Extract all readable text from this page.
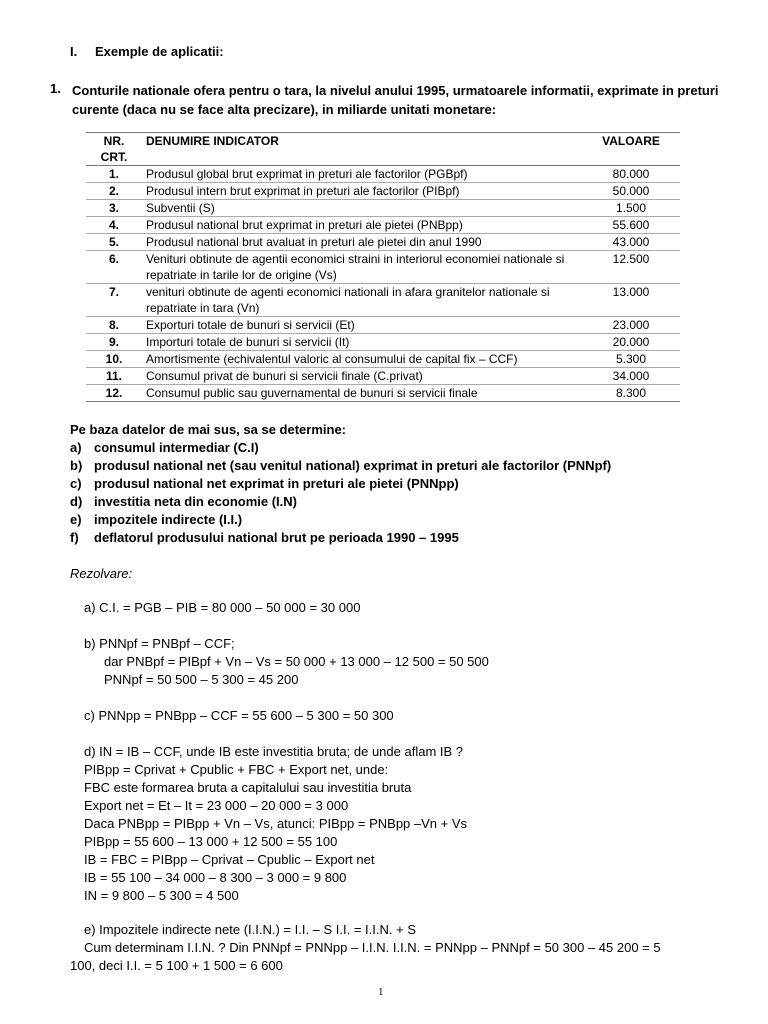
I. Exemple de aplicatii:
1. Conturile nationale ofera pentru o tara, la nivelul anului 1995, urmatoarele informatii, exprimate in preturi curente (daca nu se face alta precizare), in miliarde unitati monetare:
NR. CRT.	DENUMIRE INDICATOR	VALOARE
1.	Produsul global brut exprimat in preturi ale factorilor (PGBpf)	80.000
2.	Produsul intern brut exprimat in preturi ale factorilor (PIBpf)	50.000
3.	Subventii (S)	1.500
4.	Produsul national brut exprimat in preturi ale pietei (PNBpp)	55.600
5.	Produsul national brut avaluat in preturi ale pietei din anul 1990	43.000
6.	Venituri obtinute de agentii economici straini in interiorul economiei nationale si repatriate in tarile lor de origine (Vs)	12.500
7.	venituri obtinute de agenti economici nationali in afara granitelor nationale si repatriate in tara (Vn)	13.000
8.	Exporturi totale de bunuri si servicii (Et)	23.000
9.	Importuri totale de bunuri si servicii (It)	20.000
10.	Amortismente (echivalentul valoric al consumului de capital fix – CCF)	5.300
11.	Consumul privat de bunuri si servicii finale (C.privat)	34.000
12.	Consumul public sau guvernamental de bunuri si servicii finale	8.300
Pe baza datelor de mai sus, sa se determine:
a) consumul intermediar (C.I)
b) produsul national net (sau venitul national) exprimat in preturi ale factorilor (PNNpf)
c) produsul national net exprimat in preturi ale pietei (PNNpp)
d) investitia neta din economie (I.N)
e) impozitele indirecte (I.I.)
f) deflatorul produsului national brut pe perioada 1990 – 1995
Rezolvare:
a) C.I. = PGB – PIB = 80 000 – 50 000 = 30 000
b) PNNpf = PNBpf – CCF;
dar PNBpf = PIBpf + Vn – Vs = 50 000 + 13 000 – 12 500 = 50 500
PNNpf = 50 500 – 5 300 = 45 200
c) PNNpp = PNBpp – CCF = 55 600 – 5 300 = 50 300
d) IN = IB – CCF, unde IB este investitia bruta; de unde aflam IB ?
PIBpp = Cprivat + Cpublic + FBC + Export net, unde:
FBC este formarea bruta a capitalului sau investitia bruta
Export net = Et – It = 23 000 – 20 000 = 3 000
Daca PNBpp = PIBpp + Vn – Vs, atunci: PIBpp = PNBpp –Vn + Vs
PIBpp = 55 600 – 13 000 + 12 500 = 55 100
IB = FBC = PIBpp – Cprivat – Cpublic – Export net
IB = 55 100 – 34 000 – 8 300 – 3 000 = 9 800
IN = 9 800 – 5 300 = 4 500
e) Impozitele indirecte nete (I.I.N.) = I.I. – S I.I. = I.I.N. + S
Cum determinam I.I.N. ? Din PNNpf = PNNpp – I.I.N. I.I.N. = PNNpp – PNNpf = 50 300 – 45 200 = 5
100, deci I.I. = 5 100 + 1 500 = 6 600
1
